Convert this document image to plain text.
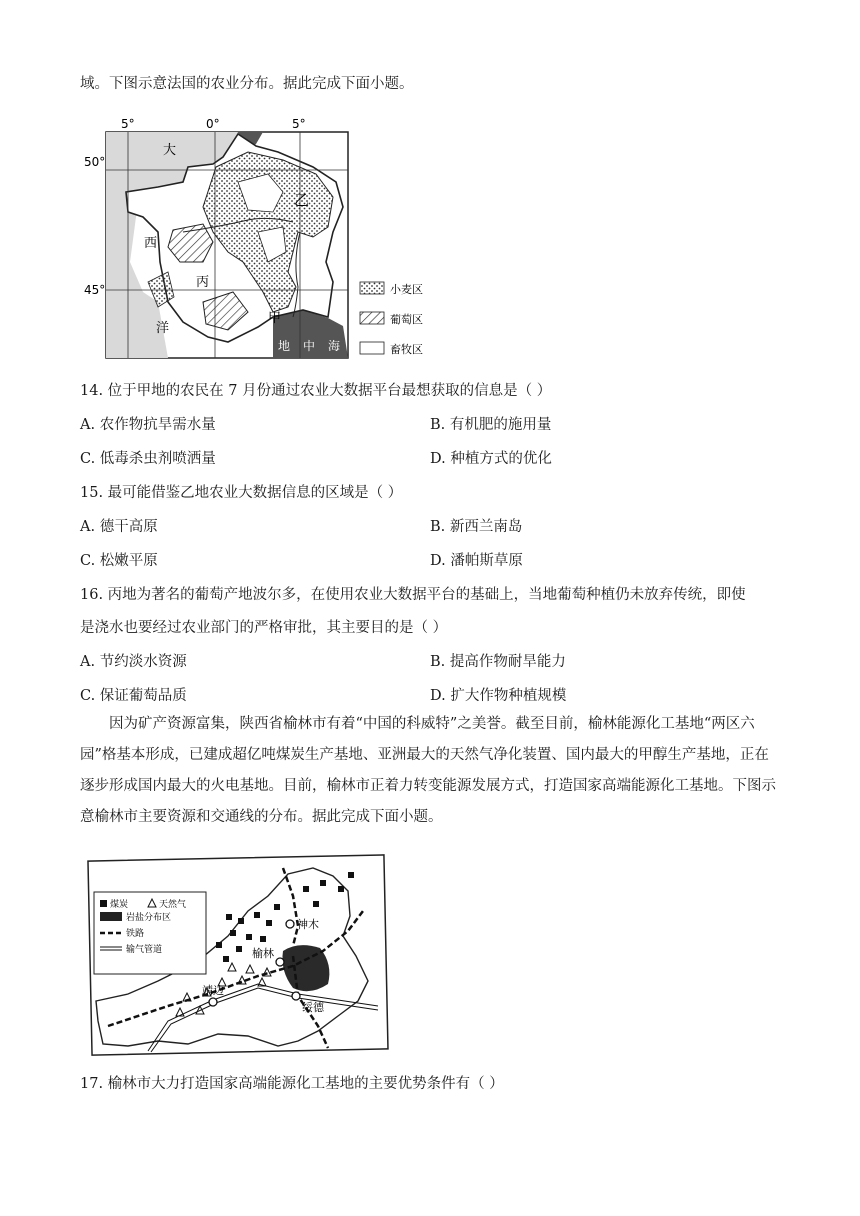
域。下图示意法国的农业分布。据此完成下面小题。
5°	0°	5°
50°
45°
大
西
洋
乙
丙
甲
地 中 海
小麦区
葡萄区
畜牧区
14. 位于甲地的农民在 7 月份通过农业大数据平台最想获取的信息是（ ）
A. 农作物抗旱需水量	B. 有机肥的施用量
C. 低毒杀虫剂喷洒量	D. 种植方式的优化
15. 最可能借鉴乙地农业大数据信息的区域是（ ）
A. 德干高原	B. 新西兰南岛
C. 松嫩平原	D. 潘帕斯草原
16. 丙地为著名的葡萄产地波尔多，在使用农业大数据平台的基础上，当地葡萄种植仍未放弃传统，即使
是浇水也要经过农业部门的严格审批，其主要目的是（ ）
A. 节约淡水资源	B. 提高作物耐旱能力
C. 保证葡萄品质	D. 扩大作物种植规模
因为矿产资源富集，陕西省榆林市有着“中国的科威特”之美誉。截至目前，榆林能源化工基地“两区六园”格基本形成，已建成超亿吨煤炭生产基地、亚洲最大的天然气净化装置、国内最大的甲醇生产基地，正在逐步形成国内最大的火电基地。目前，榆林市正着力转变能源发展方式，打造国家高端能源化工基地。下图示意榆林市主要资源和交通线的分布。据此完成下面小题。
煤炭	天然气
岩盐分布区
铁路
输气管道
神木
榆林
靖边
绥德
17. 榆林市大力打造国家高端能源化工基地的主要优势条件有（ ）
